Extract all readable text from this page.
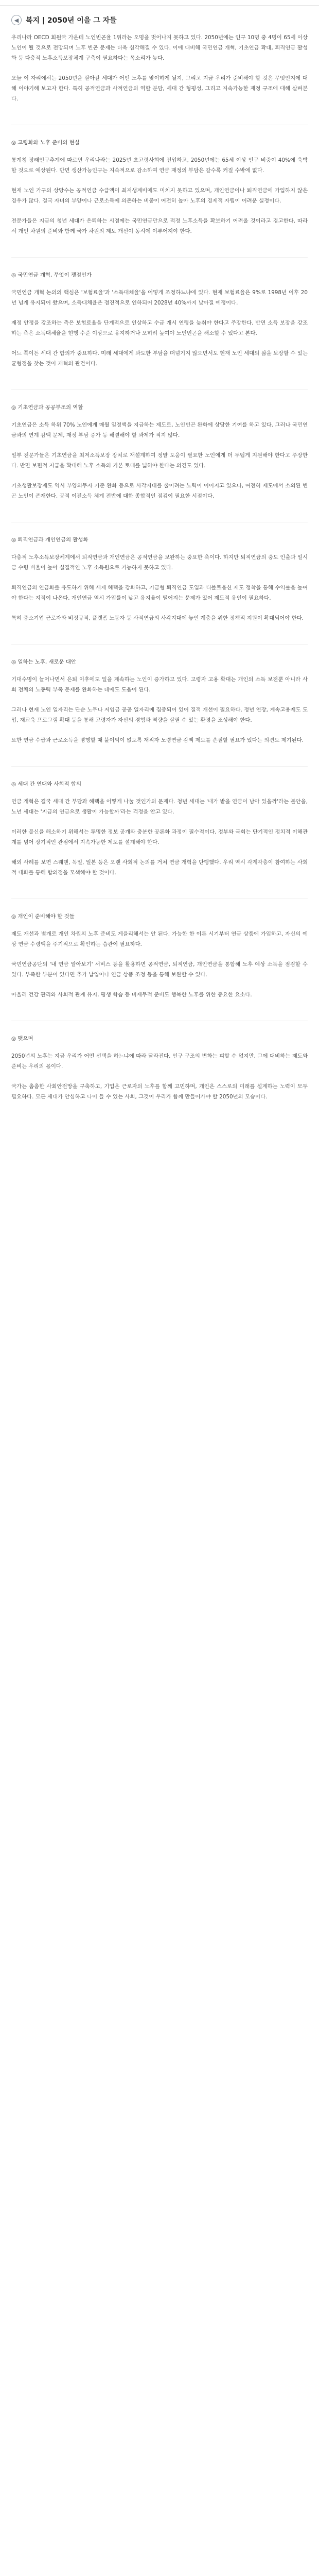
◀ 복지 | 2050년 이을 그 자들

우리나라 OECD 회원국 가운데 노인빈곤율 1위라는 오명을 벗어나지 못하고 있다. 2050년에는 인구 10명 중 4명이 65세 이상 노인이 될 것으로 전망되며 노후 빈곤 문제는 더욱 심각해질 수 있다. 이에 대비해 국민연금 개혁, 기초연금 확대, 퇴직연금 활성화 등 다층적 노후소득보장체계 구축이 필요하다는 목소리가 높다.

오늘 이 자리에서는 2050년을 살아갈 세대가 어떤 노후를 맞이하게 될지, 그리고 지금 우리가 준비해야 할 것은 무엇인지에 대해 이야기해 보고자 한다. 특히 공적연금과 사적연금의 역할 분담, 세대 간 형평성, 그리고 지속가능한 재정 구조에 대해 살펴본다.

◎ 고령화와 노후 준비의 현실

통계청 장래인구추계에 따르면 우리나라는 2025년 초고령사회에 진입하고, 2050년에는 65세 이상 인구 비중이 40%에 육박할 것으로 예상된다. 반면 생산가능인구는 지속적으로 감소하여 연금 재정의 부담은 갈수록 커질 수밖에 없다.

현재 노인 가구의 상당수는 공적연금 수급액이 최저생계비에도 미치지 못하고 있으며, 개인연금이나 퇴직연금에 가입하지 않은 경우가 많다. 결국 자녀의 부양이나 근로소득에 의존하는 비중이 여전히 높아 노후의 경제적 자립이 어려운 실정이다.

전문가들은 지금의 청년 세대가 은퇴하는 시점에는 국민연금만으로 적정 노후소득을 확보하기 어려울 것이라고 경고한다. 따라서 개인 차원의 준비와 함께 국가 차원의 제도 개선이 동시에 이루어져야 한다.

◎ 국민연금 개혁, 무엇이 쟁점인가

국민연금 개혁 논의의 핵심은 '보험료율'과 '소득대체율'을 어떻게 조정하느냐에 있다. 현재 보험료율은 9%로 1998년 이후 20년 넘게 유지되어 왔으며, 소득대체율은 점진적으로 인하되어 2028년 40%까지 낮아질 예정이다.

재정 안정을 강조하는 측은 보험료율을 단계적으로 인상하고 수급 개시 연령을 늦춰야 한다고 주장한다. 반면 소득 보장을 강조하는 측은 소득대체율을 현행 수준 이상으로 유지하거나 오히려 높여야 노인빈곤을 해소할 수 있다고 본다.

어느 쪽이든 세대 간 합의가 중요하다. 미래 세대에게 과도한 부담을 떠넘기지 않으면서도 현재 노인 세대의 삶을 보장할 수 있는 균형점을 찾는 것이 개혁의 관건이다.

◎ 기초연금과 공공부조의 역할

기초연금은 소득 하위 70% 노인에게 매월 일정액을 지급하는 제도로, 노인빈곤 완화에 상당한 기여를 하고 있다. 그러나 국민연금과의 연계 감액 문제, 재정 부담 증가 등 해결해야 할 과제가 적지 않다.

일부 전문가들은 기초연금을 최저소득보장 장치로 재설계하여 정말 도움이 필요한 노인에게 더 두텁게 지원해야 한다고 주장한다. 반면 보편적 지급을 확대해 노후 소득의 기본 토대를 넓혀야 한다는 의견도 있다.

기초생활보장제도 역시 부양의무자 기준 완화 등으로 사각지대를 줄이려는 노력이 이어지고 있으나, 여전히 제도에서 소외된 빈곤 노인이 존재한다. 공적 이전소득 체계 전반에 대한 종합적인 점검이 필요한 시점이다.

◎ 퇴직연금과 개인연금의 활성화

다층적 노후소득보장체계에서 퇴직연금과 개인연금은 공적연금을 보완하는 중요한 축이다. 하지만 퇴직연금의 중도 인출과 일시금 수령 비율이 높아 실질적인 노후 소득원으로 기능하지 못하고 있다.

퇴직연금의 연금화를 유도하기 위해 세제 혜택을 강화하고, 기금형 퇴직연금 도입과 디폴트옵션 제도 정착을 통해 수익률을 높여야 한다는 지적이 나온다. 개인연금 역시 가입률이 낮고 유지율이 떨어지는 문제가 있어 제도적 유인이 필요하다.

특히 중소기업 근로자와 비정규직, 플랫폼 노동자 등 사적연금의 사각지대에 놓인 계층을 위한 정책적 지원이 확대되어야 한다.

◎ 일하는 노후, 새로운 대안

기대수명이 늘어나면서 은퇴 이후에도 일을 계속하는 노인이 증가하고 있다. 고령자 고용 확대는 개인의 소득 보전뿐 아니라 사회 전체의 노동력 부족 문제를 완화하는 데에도 도움이 된다.

그러나 현재 노인 일자리는 단순 노무나 저임금 공공 일자리에 집중되어 있어 질적 개선이 필요하다. 정년 연장, 계속고용제도 도입, 재교육 프로그램 확대 등을 통해 고령자가 자신의 경험과 역량을 살릴 수 있는 환경을 조성해야 한다.

또한 연금 수급과 근로소득을 병행할 때 불이익이 없도록 재직자 노령연금 감액 제도를 손질할 필요가 있다는 의견도 제기된다.

◎ 세대 간 연대와 사회적 합의

연금 개혁은 결국 세대 간 부담과 혜택을 어떻게 나눌 것인가의 문제다. 청년 세대는 '내가 받을 연금이 남아 있을까'라는 불안을, 노년 세대는 '지금의 연금으로 생활이 가능할까'라는 걱정을 안고 있다.

이러한 불신을 해소하기 위해서는 투명한 정보 공개와 충분한 공론화 과정이 필수적이다. 정부와 국회는 단기적인 정치적 이해관계를 넘어 장기적인 관점에서 지속가능한 제도를 설계해야 한다.

해외 사례를 보면 스웨덴, 독일, 일본 등은 오랜 사회적 논의를 거쳐 연금 개혁을 단행했다. 우리 역시 각계각층이 참여하는 사회적 대화를 통해 합의점을 모색해야 할 것이다.

◎ 개인이 준비해야 할 것들

제도 개선과 별개로 개인 차원의 노후 준비도 게을리해서는 안 된다. 가능한 한 이른 시기부터 연금 상품에 가입하고, 자신의 예상 연금 수령액을 주기적으로 확인하는 습관이 필요하다.

국민연금공단의 '내 연금 알아보기' 서비스 등을 활용하면 공적연금, 퇴직연금, 개인연금을 통합해 노후 예상 소득을 점검할 수 있다. 부족한 부분이 있다면 추가 납입이나 연금 상품 조정 등을 통해 보완할 수 있다.

아울러 건강 관리와 사회적 관계 유지, 평생 학습 등 비재무적 준비도 행복한 노후를 위한 중요한 요소다.

◎ 맺으며

2050년의 노후는 지금 우리가 어떤 선택을 하느냐에 따라 달라진다. 인구 구조의 변화는 피할 수 없지만, 그에 대비하는 제도와 준비는 우리의 몫이다.

국가는 촘촘한 사회안전망을 구축하고, 기업은 근로자의 노후를 함께 고민하며, 개인은 스스로의 미래를 설계하는 노력이 모두 필요하다. 모든 세대가 안심하고 나이 들 수 있는 사회, 그것이 우리가 함께 만들어가야 할 2050년의 모습이다.
